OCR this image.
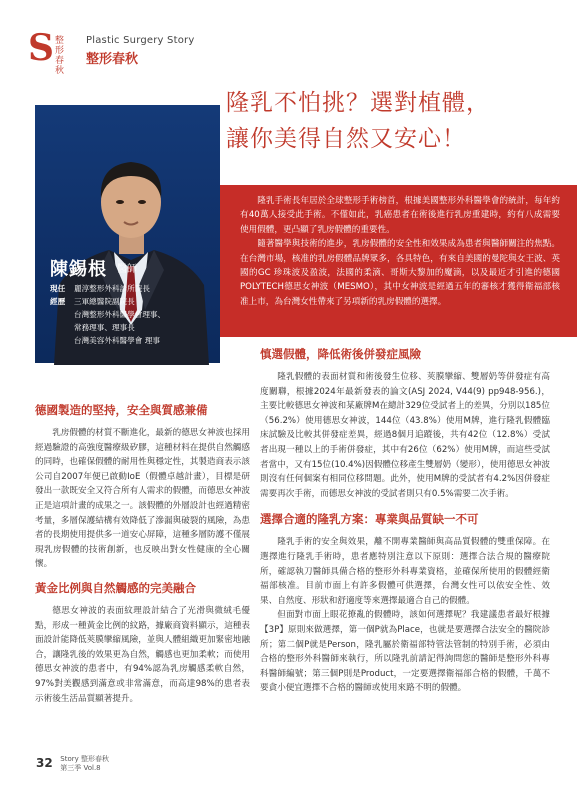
S 整形春秋
Plastic Surgery Story
整形春秋
隆乳不怕挑？選對植體，
讓你美得自然又安心！

隆乳手術長年居於全球整形手術榜首，根據美國整形外科醫學會的統計，每年約有40萬人接受此手術。不僅如此，乳癌患者在術後進行乳房重建時，約有八成需要使用假體，更凸顯了乳房假體的重要性。

隨著醫學與技術的進步，乳房假體的安全性和效果成為患者與醫師關注的焦點。在台灣市場，核准的乳房假體品牌眾多，各具特色，有來自美國的曼陀與女王波、英國的GC 珍珠波及盈波，法國的柔滴、哥斯大黎加的魔滴，以及最近才引進的德國POLYTECH德思女神波（MESMO），其中女神波是經過五年的審核才獲得衛福部核准上市，為台灣女性帶來了另項新的乳房假體的選擇。

陳錫根 醫師
現任	麗淳整形外科診所院長
經歷	三軍總醫院副院長
台灣整形外科醫學會理事、
常務理事、理事長
台灣美容外科醫學會 理事
德國製造的堅持，安全與質感兼備

乳房假體的材質不斷進化，最新的德思女神波也採用經過驗證的高強度醫療級矽膠，這種材料在提供自然觸感的同時，也確保假體的耐用性與穩定性，其製造商表示該公司自2007年便已啟動IoE（假體卓越計畫），目標是研發出一款既安全又符合所有人需求的假體，而德思女神波正是這項計畫的成果之一。該假體的外層設計也經過精密考量，多層保護結構有效降低了滲漏與破裂的風險，為患者的長期使用提供多一道安心屏障，這種多層防護不僅展現乳房假體的技術創新，也反映出對女性健康的全心關懷。

黃金比例與自然觸感的完美融合

德思女神波的表面紋理設計結合了光滑與微絨毛優點，形成一種黃金比例的紋路，據廠商資料顯示，這種表面設計能降低莢膜攣縮風險，並與人體組織更加緊密地融合，讓隆乳後的效果更為自然，觸感也更加柔軟；而使用德思女神波的患者中，有94%認為乳房觸感柔軟自然，97%對美觀感到滿意或非常滿意，而高達98%的患者表示術後生活品質顯著提升。

慎選假體，降低術後併發症風險

隆乳假體的表面材質和術後發生位移、莢膜攣縮、雙層奶等併發症有高度關聯，根據2024年最新發表的論文(ASJ 2024, V44(9) pp948-956.)，主要比較德思女神波和某廠牌M在總計329位受試者上的差異，分別以185位（56.2%）使用德思女神波，144位（43.8%）使用M牌，進行隆乳假體臨床試驗及比較其併發症差異，經過8個月追蹤後，共有42位（12.8%）受試者出現一種以上的手術併發症，其中有26位（62%）使用M牌，而這些受試者當中，又有15位(10.4%)因假體位移產生雙層奶（變形），使用德思女神波則沒有任何個案有相同位移問題。此外，使用M牌的受試者有4.2%因併發症需要再次手術，而德思女神波的受試者則只有0.5%需要二次手術。

選擇合適的隆乳方案：專業與品質缺一不可

隆乳手術的安全與效果，離不開專業醫師與高品質假體的雙重保障。在選擇進行隆乳手術時，患者應特別注意以下原則：選擇合法合規的醫療院所，確認執刀醫師具備合格的整形外科專業資格，並確保所使用的假體經衛福部核准。目前市面上有許多假體可供選擇，台灣女性可以依安全性、效果、自然度、形狀和舒適度等來選擇最適合自己的假體。

但面對市面上眼花撩亂的假體時，該如何選擇呢？我建議患者最好根據【3P】原則來做選擇，第一個P就為Place，也就是要選擇合法安全的醫院診所；第二個P就是Person，隆乳屬於衛福部特管法管制的特別手術，必須由合格的整形外科醫師來執行，所以隆乳前請記得詢問您的醫師是整形外科專科醫師編號；第三個P則是Product，一定要選擇衛福部合格的假體，千萬不要貪小便宜選擇不合格的醫師或使用來路不明的假體。

32 Story 整形春秋
第三季 Vol.8
